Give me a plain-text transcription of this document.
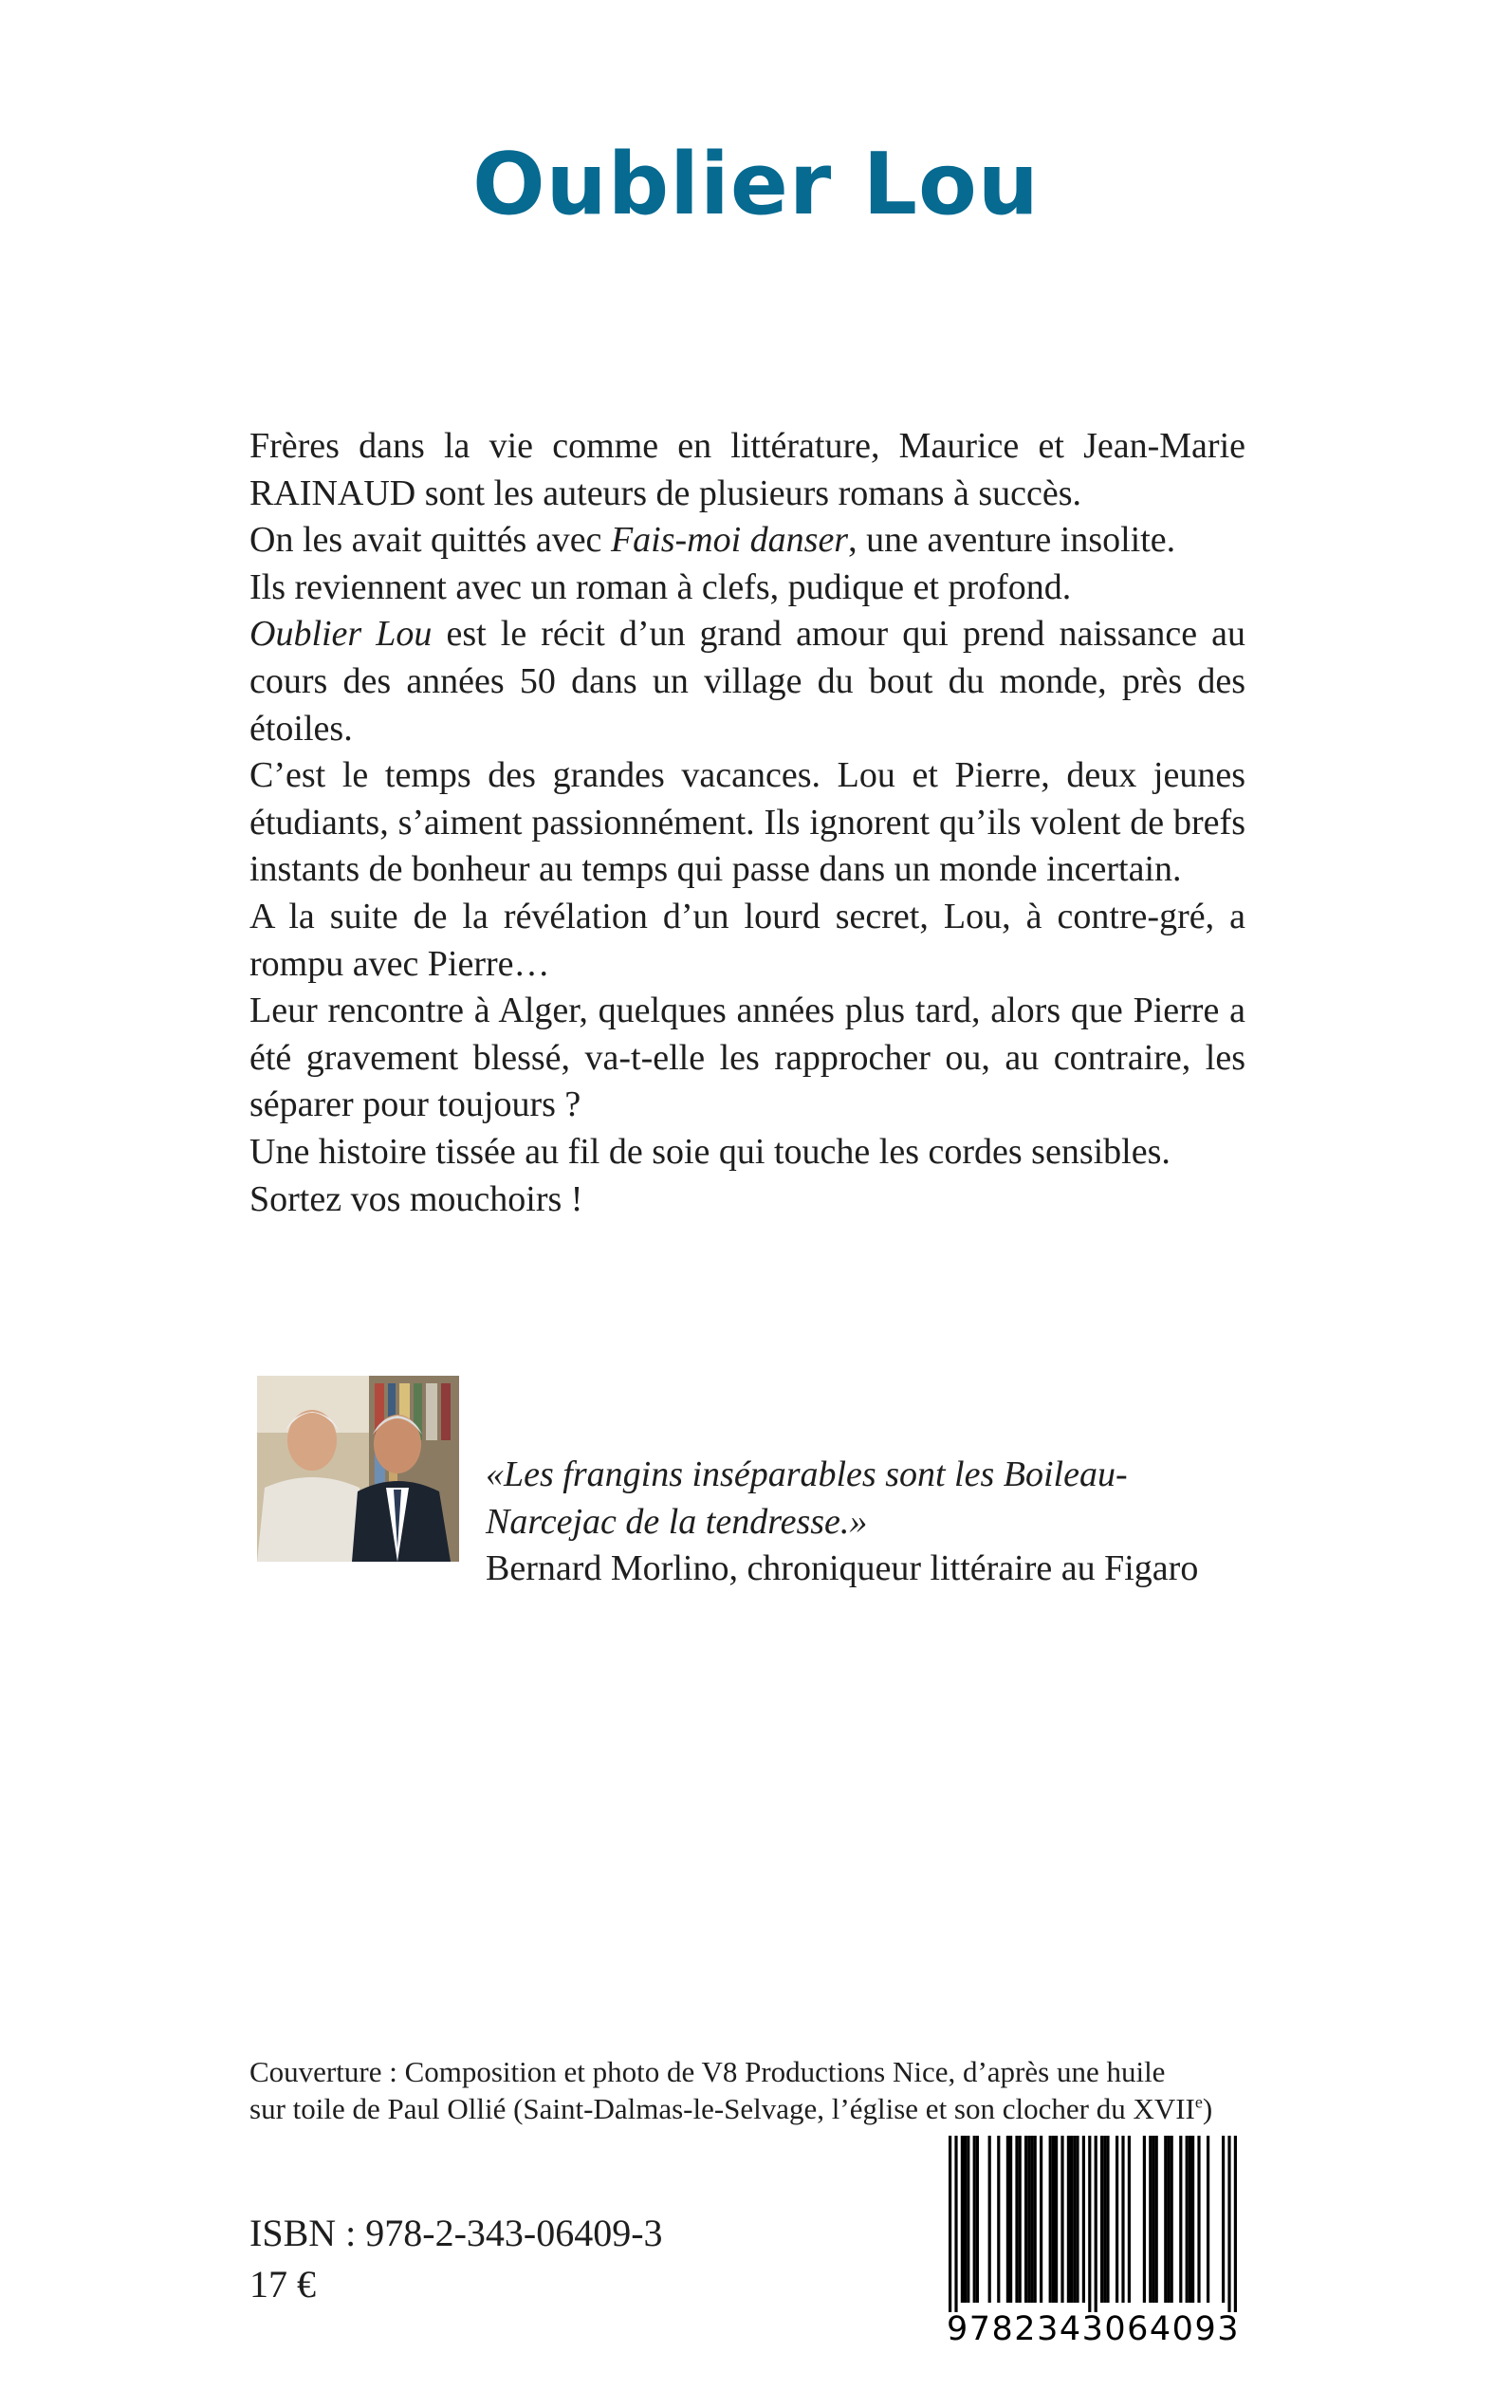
Oublier Lou

Frères dans la vie comme en littérature, Maurice et Jean-Marie RAINAUD sont les auteurs de plusieurs romans à succès.

On les avait quittés avec Fais-moi danser, une aventure insolite.

Ils reviennent avec un roman à clefs, pudique et profond.

Oublier Lou est le récit d’un grand amour qui prend naissance au cours des années 50 dans un village du bout du monde, près des étoiles.

C’est le temps des grandes vacances. Lou et Pierre, deux jeunes étudiants, s’aiment passionnément. Ils ignorent qu’ils volent de brefs instants de bonheur au temps qui passe dans un monde incertain.

A la suite de la révélation d’un lourd secret, Lou, à contre-gré, a rompu avec Pierre…

Leur rencontre à Alger, quelques années plus tard, alors que Pierre a été gravement blessé, va-t-elle les rapprocher ou, au contraire, les séparer pour toujours ?

Une histoire tissée au fil de soie qui touche les cordes sensibles.

Sortez vos mouchoirs !

«Les frangins inséparables sont les Boileau-Narcejac de la tendresse.»

Bernard Morlino, chroniqueur littéraire au Figaro

Couverture : Composition et photo de V8 Productions Nice, d’après une huile

sur toile de Paul Ollié (Saint-Dalmas-le-Selvage, l’église et son clocher du XVIIe)

ISBN : 978-2-343-06409-3

17 €

9782343064093
